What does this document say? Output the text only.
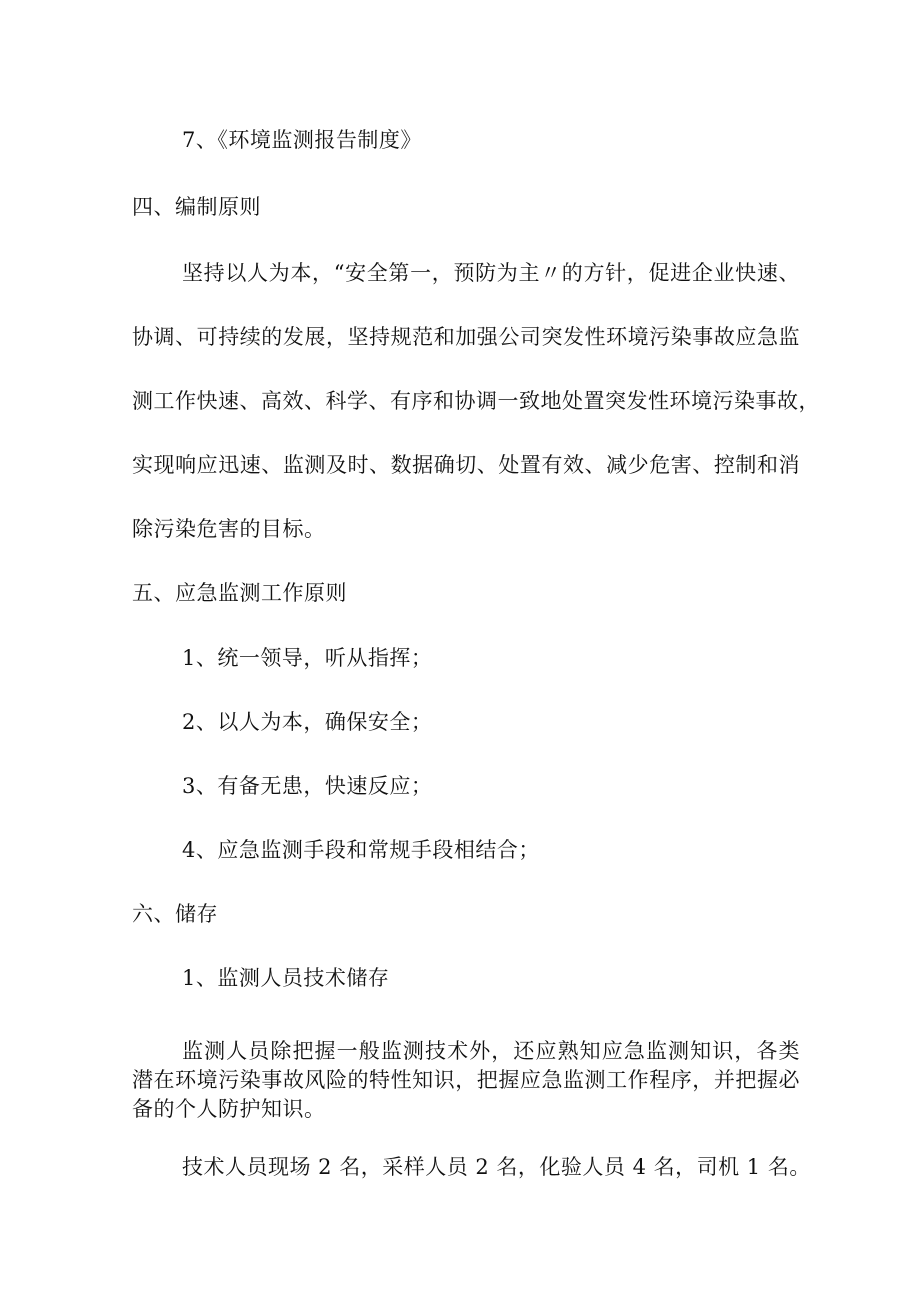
7、《环境监测报告制度》
四、编制原则
坚持以人为本，“安全第一，预防为主〃的方针，促进企业快速、
协调、可持续的发展，坚持规范和加强公司突发性环境污染事故应急监
测工作快速、高效、科学、有序和协调一致地处置突发性环境污染事故，
实现响应迅速、监测及时、数据确切、处置有效、减少危害、控制和消
除污染危害的目标。
五、应急监测工作原则
1、统一领导，听从指挥；
2、以人为本，确保安全；
3、有备无患，快速反应；
4、应急监测手段和常规手段相结合；
六、储存
1、监测人员技术储存
监测人员除把握一般监测技术外，还应熟知应急监测知识，各类
潜在环境污染事故风险的特性知识，把握应急监测工作程序，并把握必
备的个人防护知识。
技术人员现场 2 名，采样人员 2 名，化验人员 4 名，司机 1 名。
